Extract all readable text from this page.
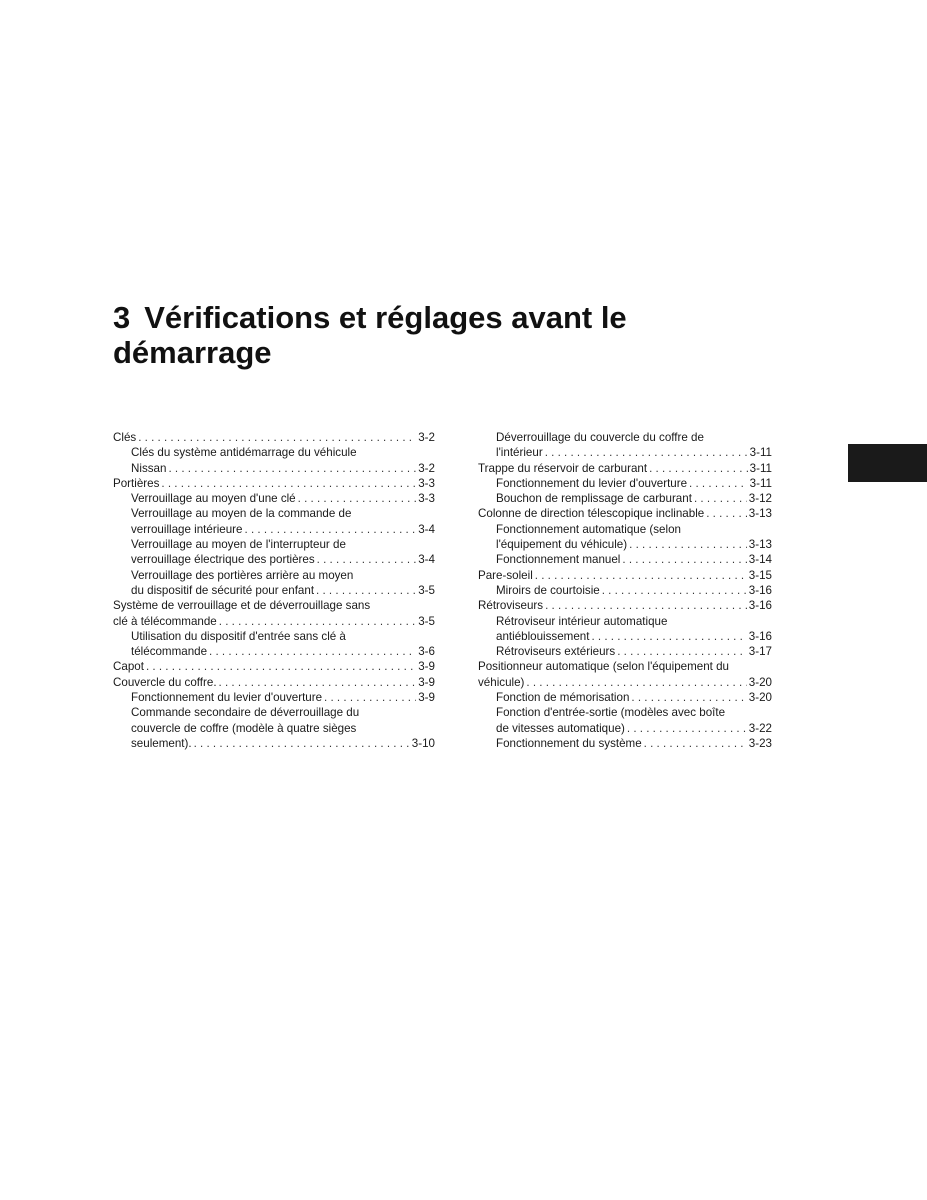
3 Vérifications et réglages avant le
démarrage
Clés . . .	3-2
Clés du système antidémarrage du véhicule
Nissan . . .	3-2
Portières . . .	3-3
Verrouillage au moyen d'une clé . . .	3-3
Verrouillage au moyen de la commande de
verrouillage intérieure . . .	3-4
Verrouillage au moyen de l'interrupteur de
verrouillage électrique des portières . . .	3-4
Verrouillage des portières arrière au moyen
du dispositif de sécurité pour enfant . . .	3-5
Système de verrouillage et de déverrouillage sans
clé à télécommande . . .	3-5
Utilisation du dispositif d'entrée sans clé à
télécommande . . .	3-6
Capot . . .	3-9
Couvercle du coffre. . . .	3-9
Fonctionnement du levier d'ouverture . . .	3-9
Commande secondaire de déverrouillage du
couvercle de coffre (modèle à quatre sièges
seulement). . . .	3-10
Déverrouillage du couvercle du coffre de
l'intérieur . . .	3-11
Trappe du réservoir de carburant . . .	3-11
Fonctionnement du levier d'ouverture . . .	3-11
Bouchon de remplissage de carburant . . .	3-12
Colonne de direction télescopique inclinable . . .	3-13
Fonctionnement automatique (selon
l'équipement du véhicule) . . .	3-13
Fonctionnement manuel . . .	3-14
Pare-soleil . . .	3-15
Miroirs de courtoisie . . .	3-16
Rétroviseurs . . .	3-16
Rétroviseur intérieur automatique
antiéblouissement . . .	3-16
Rétroviseurs extérieurs . . .	3-17
Positionneur automatique (selon l'équipement du
véhicule) . . .	3-20
Fonction de mémorisation . . .	3-20
Fonction d'entrée-sortie (modèles avec boîte
de vitesses automatique) . . .	3-22
Fonctionnement du système . . .	3-23
